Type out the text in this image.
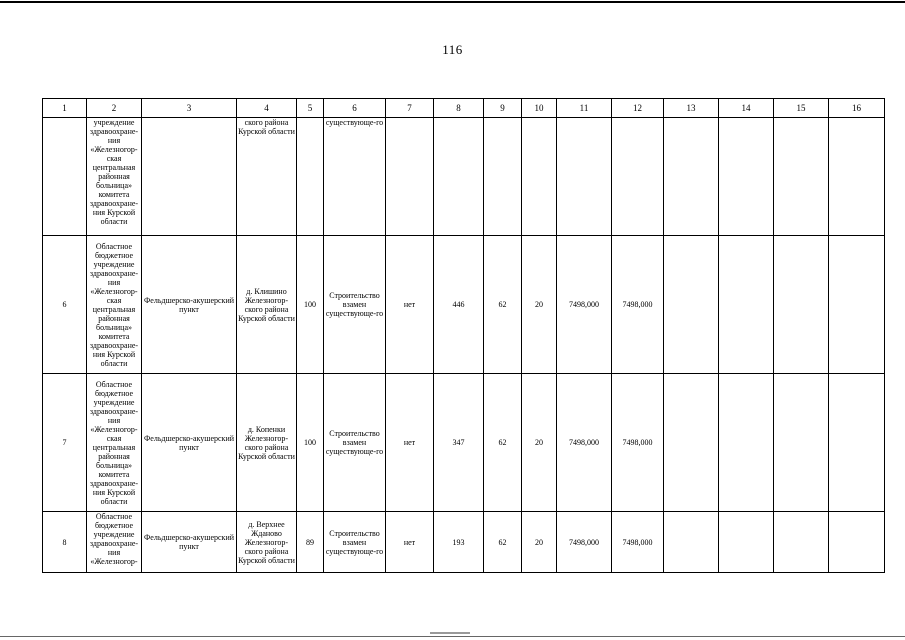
116
1	2	3	4	5	6	7	8	9	10	11	12	13	14	15	16
	учреждение здравоохране-ния «Железногор-ская центральная районная больница» комитета здравоохране-ния Курской области		ского района Курской области		существующе-го										
6	Областное бюджетное учреждение здравоохране-ния «Железногор-ская центральная районная больница» комитета здравоохране-ния Курской области	Фельдшерско-акушерский пункт	д. Клишино Железногор-ского района Курской области	100	Строительство взамен существующе-го	нет	446	62	20	7498,000	7498,000				
7	Областное бюджетное учреждение здравоохране-ния «Железногор-ская центральная районная больница» комитета здравоохране-ния Курской области	Фельдшерско-акушерский пункт	д. Копенки Железногор-ского района Курской области	100	Строительство взамен существующе-го	нет	347	62	20	7498,000	7498,000				
8	Областное бюджетное учреждение здравоохране-ния «Железногор-	Фельдшерско-акушерский пункт	д. Верхнее Жданово Железногор-ского района Курской области	89	Строительство взамен существующе-го	нет	193	62	20	7498,000	7498,000				
